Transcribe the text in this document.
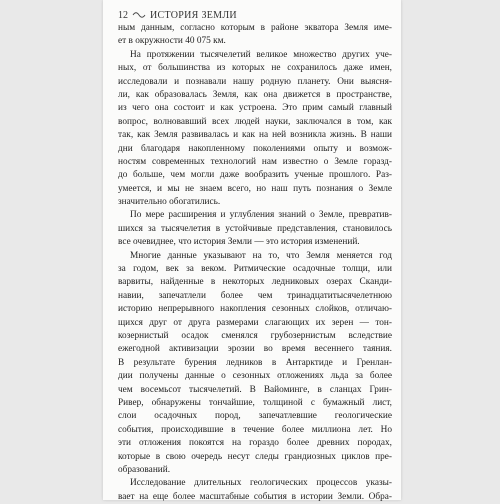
12 ИСТОРИЯ ЗЕМЛИ
ным данным, согласно которым в районе экватора Земля име-
ет в окружности 40 075 км.
На протяжении тысячелетий великое множество других уче-
ных, от большинства из которых не сохранилось даже имен,
исследовали и познавали нашу родную планету. Они выясня-
ли, как образовалась Земля, как она движется в пространстве,
из чего она состоит и как устроена. Это прим самый главный
вопрос, волновавший всех людей науки, заключался в том, как
так, как Земля развивалась и как на ней возникла жизнь. В наши
дни благодаря накопленному поколениями опыту и возмож-
ностям современных технологий нам известно о Земле горазд-
до больше, чем могли даже вообразить ученые прошлого. Раз-
умеется, и мы не знаем всего, но наш путь познания о Земле
значительно обогатились.
По мере расширения и углубления знаний о Земле, превратив-
шихся за тысячелетия в устойчивые представления, становилось
все очевиднее, что история Земли — это история изменений.
Многие данные указывают на то, что Земля меняется год
за годом, век за веком. Ритмические осадочные толщи, или
варвиты, найденные в некоторых ледниковых озерах Сканди-
навии, запечатлели более чем тринадцатитысячелетнюю
историю непрерывного накопления сезонных слойков, отличаю-
щихся друг от друга размерами слагающих их зерен — тон-
козернистый осадок сменялся грубозернистым вследствие
ежегодной активизации эрозии во время весеннего таяния.
В результате бурения ледников в Антарктиде и Гренлан-
дии получены данные о сезонных отложениях льда за более
чем восемьсот тысячелетий. В Вайоминге, в сланцах Грин-
Ривер, обнаружены тончайшие, толщиной с бумажный лист,
слои осадочных пород, запечатлевшие геологические
события, происходившие в течение более миллиона лет. Но
эти отложения покоятся на гораздо более древних породах,
которые в свою очередь несут следы грандиозных циклов пре-
образований.
Исследование длительных геологических процессов указы-
вает на еще более масштабные события в истории Земли. Обра-
